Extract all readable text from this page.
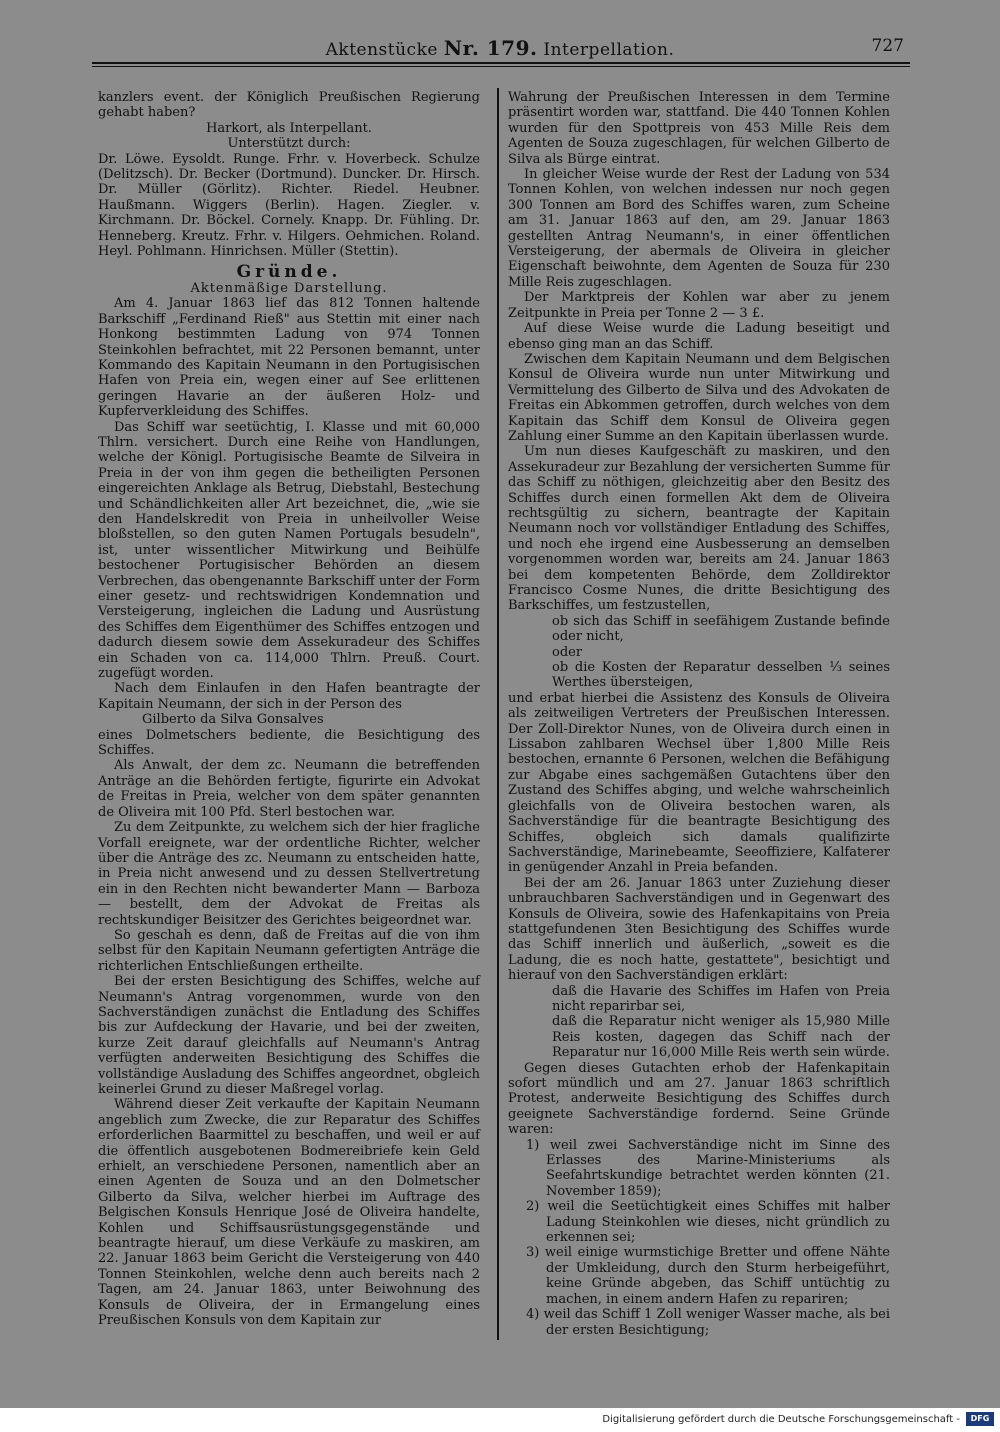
Aktenstücke Nr. 179. Interpellation.	727

kanzlers event. der Königlich Preußischen Regierung gehabt haben?

Harkort, als Interpellant.

Unterstützt durch:

Dr. Löwe. Eysoldt. Runge. Frhr. v. Hoverbeck. Schulze (Delitzsch). Dr. Becker (Dortmund). Duncker. Dr. Hirsch. Dr. Müller (Görlitz). Richter. Riedel. Heubner. Haußmann. Wiggers (Berlin). Hagen. Ziegler. v. Kirchmann. Dr. Böckel. Cornely. Knapp. Dr. Fühling. Dr. Henneberg. Kreutz. Frhr. v. Hilgers. Oehmichen. Roland. Heyl. Pohlmann. Hinrichsen. Müller (Stettin).

Gründe.

Aktenmäßige Darstellung.

Am 4. Januar 1863 lief das 812 Tonnen haltende Barkschiff „Ferdinand Rieß" aus Stettin mit einer nach Honkong bestimmten Ladung von 974 Tonnen Steinkohlen befrachtet, mit 22 Personen bemannt, unter Kommando des Kapitain Neumann in den Portugisischen Hafen von Preia ein, wegen einer auf See erlittenen geringen Havarie an der äußeren Holz- und Kupferverkleidung des Schiffes.

Das Schiff war seetüchtig, I. Klasse und mit 60,000 Thlrn. versichert. Durch eine Reihe von Handlungen, welche der Königl. Portugisische Beamte de Silveira in Preia in der von ihm gegen die betheiligten Personen eingereichten Anklage als Betrug, Diebstahl, Bestechung und Schändlichkeiten aller Art bezeichnet, die, „wie sie den Handelskredit von Preia in unheilvoller Weise bloßstellen, so den guten Namen Portugals besudeln", ist, unter wissentlicher Mitwirkung und Beihülfe bestochener Portugisischer Behörden an diesem Verbrechen, das obengenannte Barkschiff unter der Form einer gesetz- und rechtswidrigen Kondemnation und Versteigerung, ingleichen die Ladung und Ausrüstung des Schiffes dem Eigenthümer des Schiffes entzogen und dadurch diesem sowie dem Assekuradeur des Schiffes ein Schaden von ca. 114,000 Thlrn. Preuß. Court. zugefügt worden.

Nach dem Einlaufen in den Hafen beantragte der Kapitain Neumann, der sich in der Person des

Gilberto da Silva Gonsalves

eines Dolmetschers bediente, die Besichtigung des Schiffes.

Als Anwalt, der dem zc. Neumann die betreffenden Anträge an die Behörden fertigte, figurirte ein Advokat de Freitas in Preia, welcher von dem später genannten de Oliveira mit 100 Pfd. Sterl bestochen war.

Zu dem Zeitpunkte, zu welchem sich der hier fragliche Vorfall ereignete, war der ordentliche Richter, welcher über die Anträge des zc. Neumann zu entscheiden hatte, in Preia nicht anwesend und zu dessen Stellvertretung ein in den Rechten nicht bewanderter Mann — Barboza — bestellt, dem der Advokat de Freitas als rechtskundiger Beisitzer des Gerichtes beigeordnet war.

So geschah es denn, daß de Freitas auf die von ihm selbst für den Kapitain Neumann gefertigten Anträge die richterlichen Entschließungen ertheilte.

Bei der ersten Besichtigung des Schiffes, welche auf Neumann's Antrag vorgenommen, wurde von den Sachverständigen zunächst die Entladung des Schiffes bis zur Aufdeckung der Havarie, und bei der zweiten, kurze Zeit darauf gleichfalls auf Neumann's Antrag verfügten anderweiten Besichtigung des Schiffes die vollständige Ausladung des Schiffes angeordnet, obgleich keinerlei Grund zu dieser Maßregel vorlag.

Während dieser Zeit verkaufte der Kapitain Neumann angeblich zum Zwecke, die zur Reparatur des Schiffes erforderlichen Baarmittel zu beschaffen, und weil er auf die öffentlich ausgebotenen Bodmereibriefe kein Geld erhielt, an verschiedene Personen, namentlich aber an einen Agenten de Souza und an den Dolmetscher Gilberto da Silva, welcher hierbei im Auftrage des Belgischen Konsuls Henrique José de Oliveira handelte, Kohlen und Schiffsausrüstungsgegenstände und beantragte hierauf, um diese Verkäufe zu maskiren, am 22. Januar 1863 beim Gericht die Versteigerung von 440 Tonnen Steinkohlen, welche denn auch bereits nach 2 Tagen, am 24. Januar 1863, unter Beiwohnung des Konsuls de Oliveira, der in Ermangelung eines Preußischen Konsuls von dem Kapitain zur

Wahrung der Preußischen Interessen in dem Termine präsentirt worden war, stattfand. Die 440 Tonnen Kohlen wurden für den Spottpreis von 453 Mille Reis dem Agenten de Souza zugeschlagen, für welchen Gilberto de Silva als Bürge eintrat.

In gleicher Weise wurde der Rest der Ladung von 534 Tonnen Kohlen, von welchen indessen nur noch gegen 300 Tonnen am Bord des Schiffes waren, zum Scheine am 31. Januar 1863 auf den, am 29. Januar 1863 gestellten Antrag Neumann's, in einer öffentlichen Versteigerung, der abermals de Oliveira in gleicher Eigenschaft beiwohnte, dem Agenten de Souza für 230 Mille Reis zugeschlagen.

Der Marktpreis der Kohlen war aber zu jenem Zeitpunkte in Preia per Tonne 2 — 3 £.

Auf diese Weise wurde die Ladung beseitigt und ebenso ging man an das Schiff.

Zwischen dem Kapitain Neumann und dem Belgischen Konsul de Oliveira wurde nun unter Mitwirkung und Vermittelung des Gilberto de Silva und des Advokaten de Freitas ein Abkommen getroffen, durch welches von dem Kapitain das Schiff dem Konsul de Oliveira gegen Zahlung einer Summe an den Kapitain überlassen wurde.

Um nun dieses Kaufgeschäft zu maskiren, und den Assekuradeur zur Bezahlung der versicherten Summe für das Schiff zu nöthigen, gleichzeitig aber den Besitz des Schiffes durch einen formellen Akt dem de Oliveira rechtsgültig zu sichern, beantragte der Kapitain Neumann noch vor vollständiger Entladung des Schiffes, und noch ehe irgend eine Ausbesserung an demselben vorgenommen worden war, bereits am 24. Januar 1863 bei dem kompetenten Behörde, dem Zolldirektor Francisco Cosme Nunes, die dritte Besichtigung des Barkschiffes, um festzustellen,

ob sich das Schiff in seefähigem Zustande befinde oder nicht,

oder

ob die Kosten der Reparatur desselben ⅓ seines Werthes übersteigen,

und erbat hierbei die Assistenz des Konsuls de Oliveira als zeitweiligen Vertreters der Preußischen Interessen. Der Zoll-Direktor Nunes, von de Oliveira durch einen in Lissabon zahlbaren Wechsel über 1,800 Mille Reis bestochen, ernannte 6 Personen, welchen die Befähigung zur Abgabe eines sachgemäßen Gutachtens über den Zustand des Schiffes abging, und welche wahrscheinlich gleichfalls von de Oliveira bestochen waren, als Sachverständige für die beantragte Besichtigung des Schiffes, obgleich sich damals qualifizirte Sachverständige, Marinebeamte, Seeoffiziere, Kalfaterer in genügender Anzahl in Preia befanden.

Bei der am 26. Januar 1863 unter Zuziehung dieser unbrauchbaren Sachverständigen und in Gegenwart des Konsuls de Oliveira, sowie des Hafenkapitains von Preia stattgefundenen 3ten Besichtigung des Schiffes wurde das Schiff innerlich und äußerlich, „soweit es die Ladung, die es noch hatte, gestattete", besichtigt und hierauf von den Sachverständigen erklärt:

daß die Havarie des Schiffes im Hafen von Preia nicht reparirbar sei,

daß die Reparatur nicht weniger als 15,980 Mille Reis kosten, dagegen das Schiff nach der Reparatur nur 16,000 Mille Reis werth sein würde.

Gegen dieses Gutachten erhob der Hafenkapitain sofort mündlich und am 27. Januar 1863 schriftlich Protest, anderweite Besichtigung des Schiffes durch geeignete Sachverständige fordernd. Seine Gründe waren:

1) weil zwei Sachverständige nicht im Sinne des Erlasses des Marine-Ministeriums als Seefahrtskundige betrachtet werden könnten (21. November 1859);

2) weil die Seetüchtigkeit eines Schiffes mit halber Ladung Steinkohlen wie dieses, nicht gründlich zu erkennen sei;

3) weil einige wurmstichige Bretter und offene Nähte der Umkleidung, durch den Sturm herbeigeführt, keine Gründe abgeben, das Schiff untüchtig zu machen, in einem andern Hafen zu repariren;

4) weil das Schiff 1 Zoll weniger Wasser mache, als bei der ersten Besichtigung;

Digitalisierung gefördert durch die Deutsche Forschungsgemeinschaft -	DFG
